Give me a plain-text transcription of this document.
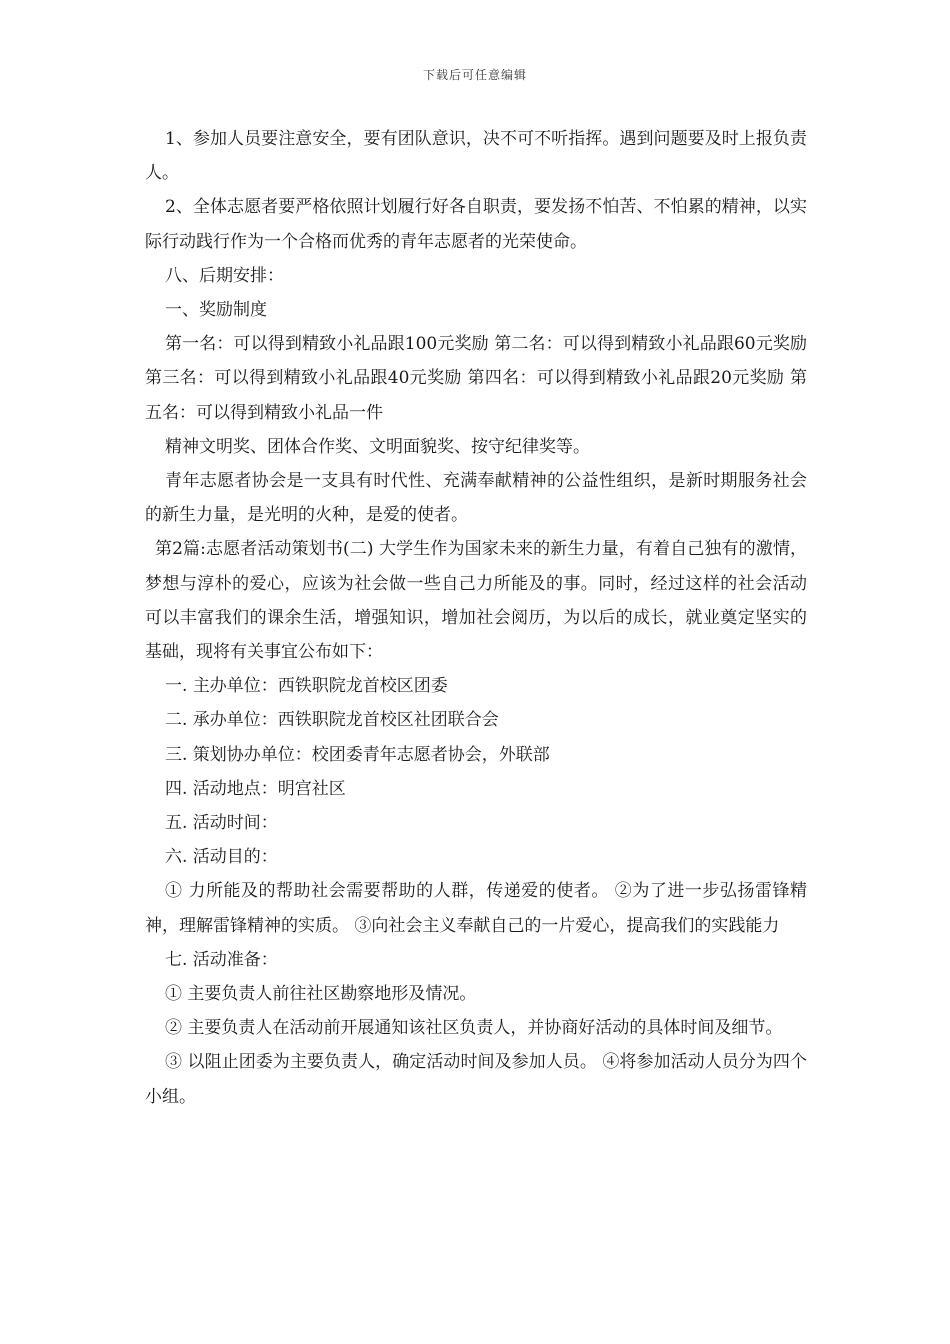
下载后可任意编辑

1、参加人员要注意安全，要有团队意识，决不可不听指挥。遇到问题要及时上报负责人。

2、全体志愿者要严格依照计划履行好各自职责，要发扬不怕苦、不怕累的精神，以实际行动践行作为一个合格而优秀的青年志愿者的光荣使命。

八、后期安排：

一、奖励制度

第一名：可以得到精致小礼品跟100元奖励 第二名：可以得到精致小礼品跟60元奖励 第三名：可以得到精致小礼品跟40元奖励 第四名：可以得到精致小礼品跟20元奖励 第五名：可以得到精致小礼品一件

精神文明奖、团体合作奖、文明面貌奖、按守纪律奖等。

青年志愿者协会是一支具有时代性、充满奉献精神的公益性组织，是新时期服务社会的新生力量，是光明的火种，是爱的使者。

第2篇:志愿者活动策划书(二) 大学生作为国家未来的新生力量，有着自己独有的激情，梦想与淳朴的爱心，应该为社会做一些自己力所能及的事。同时，经过这样的社会活动可以丰富我们的课余生活，增强知识，增加社会阅历，为以后的成长，就业奠定坚实的基础，现将有关事宜公布如下：

一. 主办单位：西铁职院龙首校区团委

二. 承办单位：西铁职院龙首校区社团联合会

三. 策划协办单位：校团委青年志愿者协会，外联部

四. 活动地点：明宫社区

五. 活动时间：

六. 活动目的：

① 力所能及的帮助社会需要帮助的人群，传递爱的使者。 ②为了进一步弘扬雷锋精神，理解雷锋精神的实质。 ③向社会主义奉献自己的一片爱心，提高我们的实践能力

七. 活动准备：

① 主要负责人前往社区勘察地形及情况。

② 主要负责人在活动前开展通知该社区负责人，并协商好活动的具体时间及细节。

③ 以阻止团委为主要负责人，确定活动时间及参加人员。 ④将参加活动人员分为四个小组。
